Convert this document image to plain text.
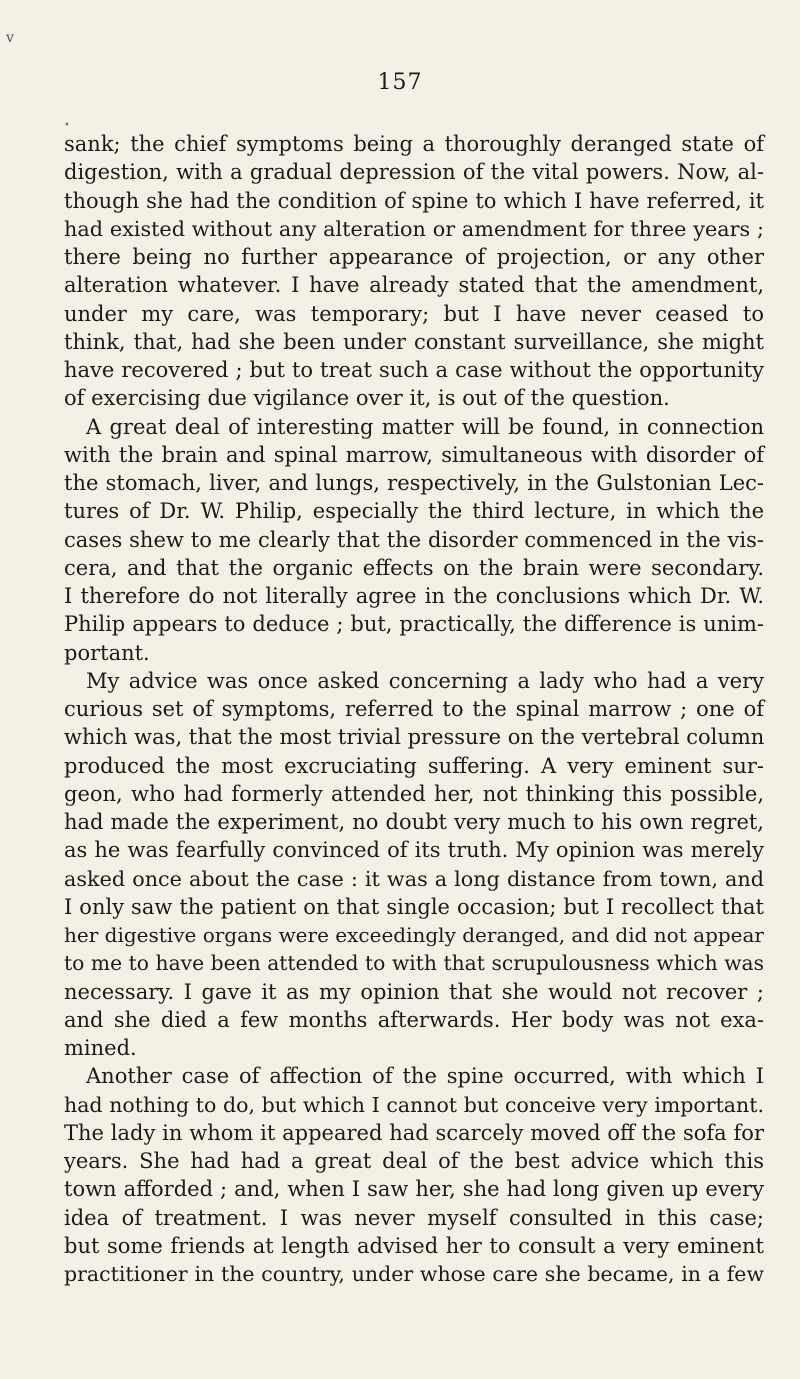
v
157
•
sank; the chief symptoms being a thoroughly deranged state of
digestion, with a gradual depression of the vital powers. Now, al-
though she had the condition of spine to which I have referred, it
had existed without any alteration or amendment for three years ;
there being no further appearance of projection, or any other
alteration whatever. I have already stated that the amendment,
under my care, was temporary; but I have never ceased to
think, that, had she been under constant surveillance, she might
have recovered ; but to treat such a case without the opportunity
of exercising due vigilance over it, is out of the question.
A great deal of interesting matter will be found, in connection
with the brain and spinal marrow, simultaneous with disorder of
the stomach, liver, and lungs, respectively, in the Gulstonian Lec-
tures of Dr. W. Philip, especially the third lecture, in which the
cases shew to me clearly that the disorder commenced in the vis-
cera, and that the organic effects on the brain were secondary.
I therefore do not literally agree in the conclusions which Dr. W.
Philip appears to deduce ; but, practically, the difference is unim-
portant.
My advice was once asked concerning a lady who had a very
curious set of symptoms, referred to the spinal marrow ; one of
which was, that the most trivial pressure on the vertebral column
produced the most excruciating suffering. A very eminent sur-
geon, who had formerly attended her, not thinking this possible,
had made the experiment, no doubt very much to his own regret,
as he was fearfully convinced of its truth. My opinion was merely
asked once about the case : it was a long distance from town, and
I only saw the patient on that single occasion; but I recollect that
her digestive organs were exceedingly deranged, and did not appear
to me to have been attended to with that scrupulousness which was
necessary. I gave it as my opinion that she would not recover ;
and she died a few months afterwards. Her body was not exa-
mined.
Another case of affection of the spine occurred, with which I
had nothing to do, but which I cannot but conceive very important.
The lady in whom it appeared had scarcely moved off the sofa for
years. She had had a great deal of the best advice which this
town afforded ; and, when I saw her, she had long given up every
idea of treatment. I was never myself consulted in this case;
but some friends at length advised her to consult a very eminent
practitioner in the country, under whose care she became, in a few
